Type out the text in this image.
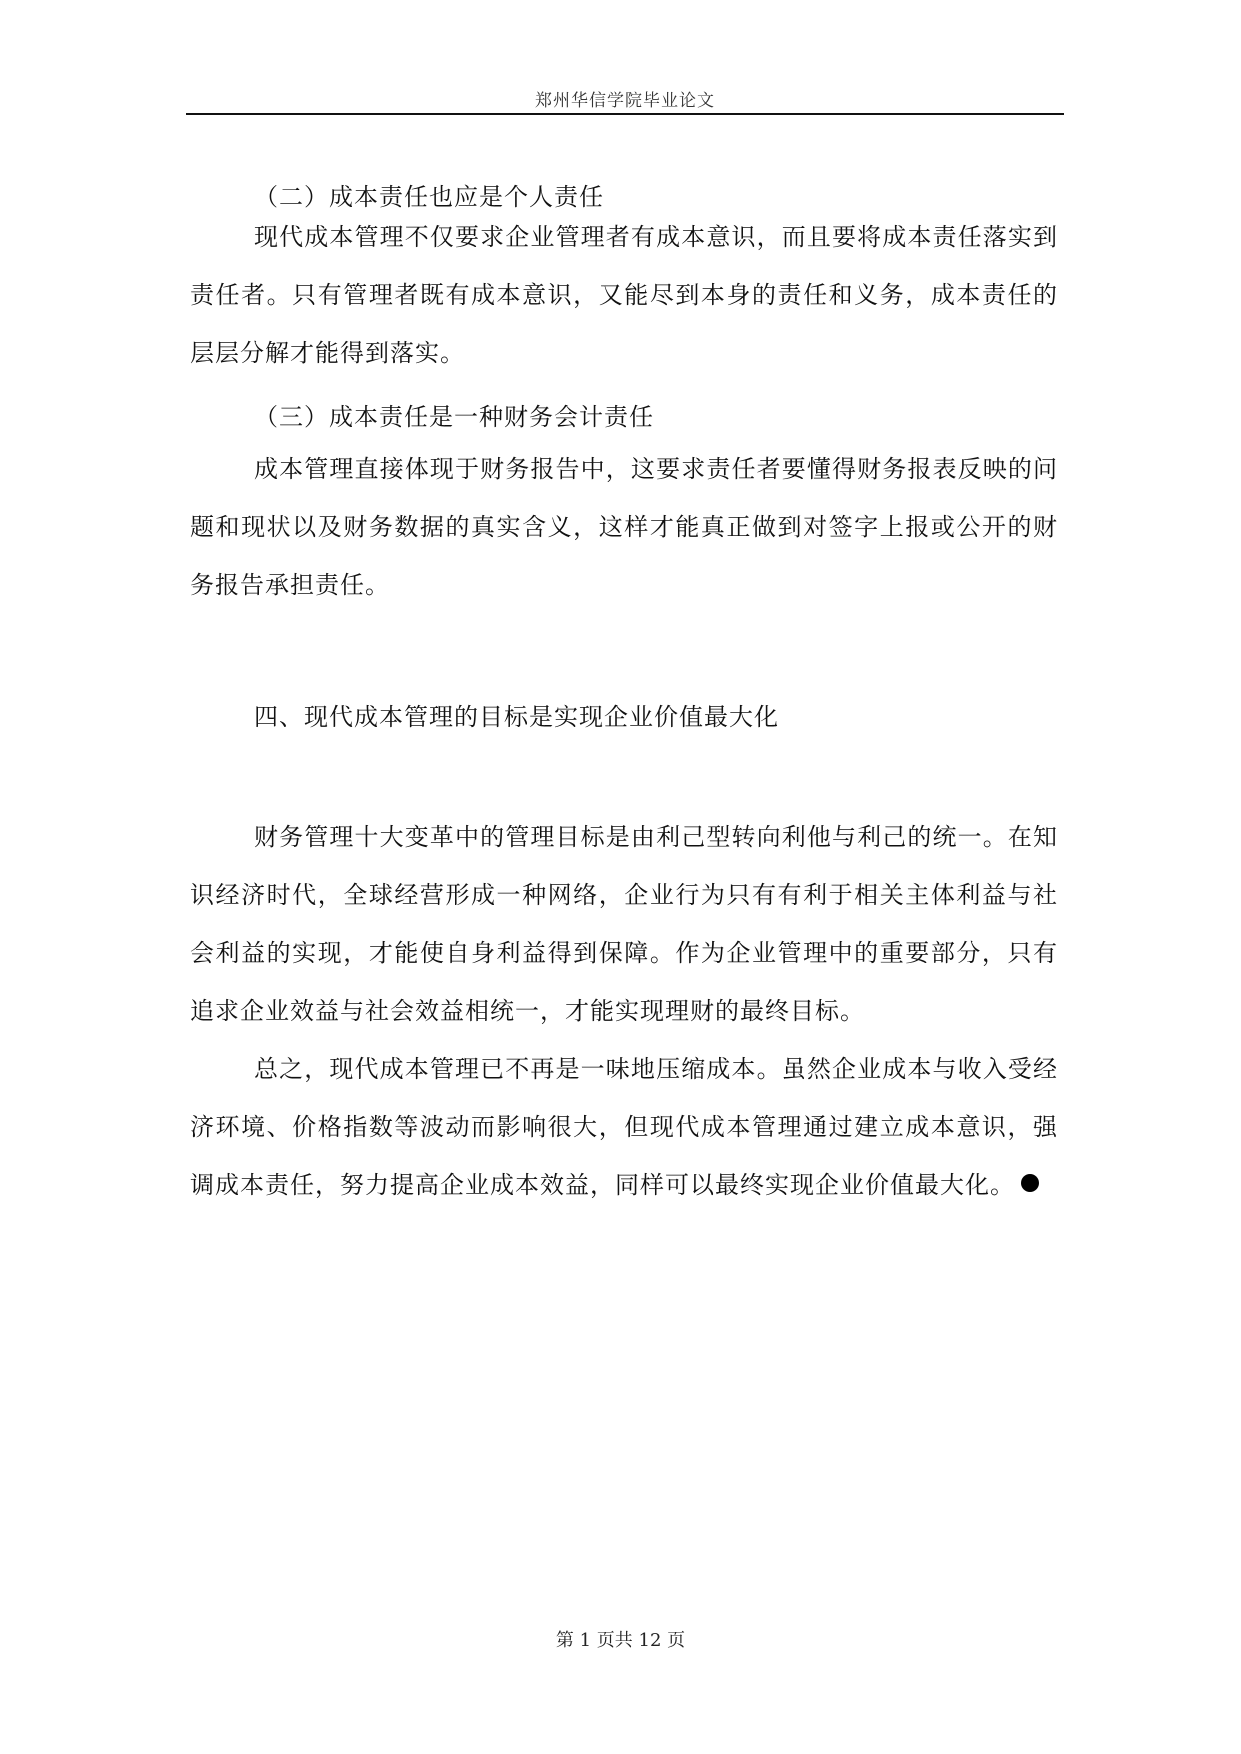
郑州华信学院毕业论文
（二）成本责任也应是个人责任

现代成本管理不仅要求企业管理者有成本意识，而且要将成本责任落实到责任者。只有管理者既有成本意识，又能尽到本身的责任和义务，成本责任的层层分解才能得到落实。

（三）成本责任是一种财务会计责任

成本管理直接体现于财务报告中，这要求责任者要懂得财务报表反映的问题和现状以及财务数据的真实含义，这样才能真正做到对签字上报或公开的财务报告承担责任。

四、现代成本管理的目标是实现企业价值最大化

财务管理十大变革中的管理目标是由利己型转向利他与利己的统一。在知识经济时代，全球经营形成一种网络，企业行为只有有利于相关主体利益与社会利益的实现，才能使自身利益得到保障。作为企业管理中的重要部分，只有追求企业效益与社会效益相统一，才能实现理财的最终目标。

总之，现代成本管理已不再是一味地压缩成本。虽然企业成本与收入受经济环境、价格指数等波动而影响很大，但现代成本管理通过建立成本意识，强调成本责任，努力提高企业成本效益，同样可以最终实现企业价值最大化。

第 1 页共 12 页
